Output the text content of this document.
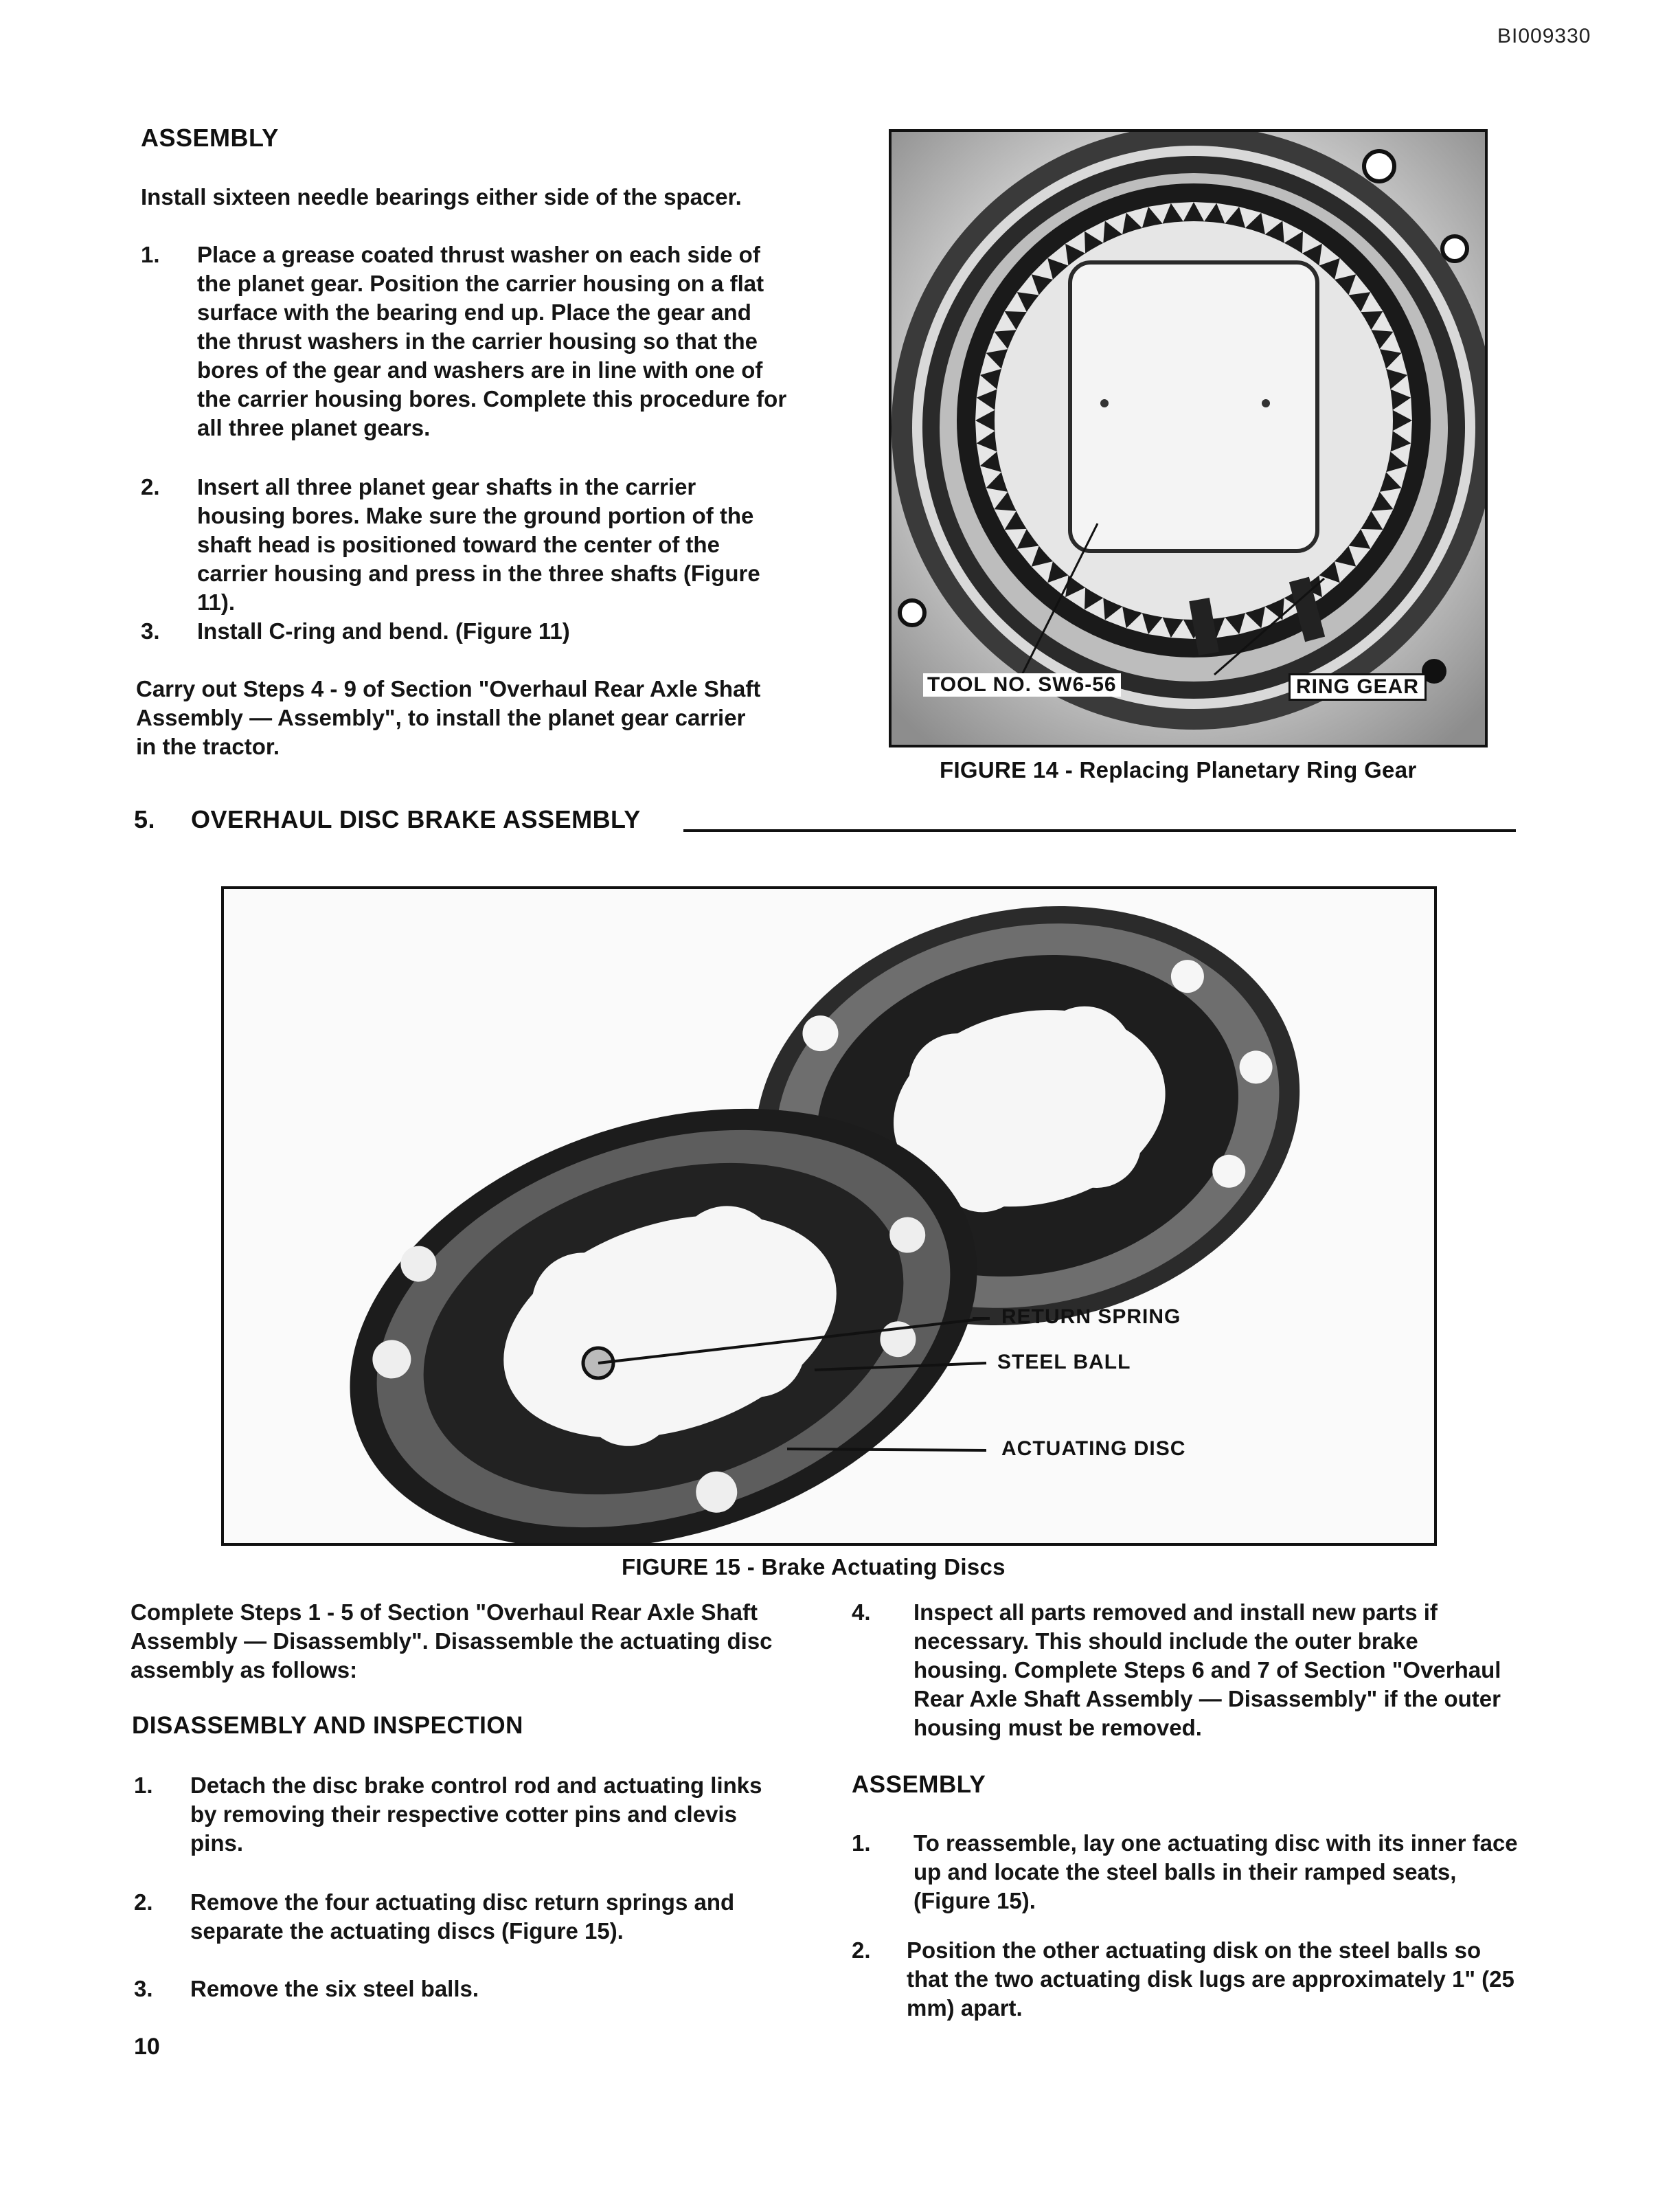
BI009330
ASSEMBLY
Install sixteen needle bearings either side of the spacer.
1. Place a grease coated thrust washer on each side of the planet gear. Position the carrier housing on a flat surface with the bearing end up. Place the gear and the thrust washers in the carrier housing so that the bores of the gear and washers are in line with one of the carrier housing bores. Complete this procedure for all three planet gears.
2. Insert all three planet gear shafts in the carrier housing bores. Make sure the ground portion of the shaft head is positioned toward the center of the carrier housing and press in the three shafts (Figure 11).
3. Install C-ring and bend. (Figure 11)
Carry out Steps 4 - 9 of Section "Overhaul Rear Axle Shaft Assembly — Assembly", to install the planet gear carrier in the tractor.
TOOL NO. SW6-56	RING GEAR
FIGURE 14 - Replacing Planetary Ring Gear
5. OVERHAUL DISC BRAKE ASSEMBLY
RETURN SPRING
STEEL BALL
ACTUATING DISC
FIGURE 15 - Brake Actuating Discs
Complete Steps 1 - 5 of Section "Overhaul Rear Axle Shaft Assembly — Disassembly". Disassemble the actuating disc assembly as follows:
DISASSEMBLY AND INSPECTION
1. Detach the disc brake control rod and actuating links by removing their respective cotter pins and clevis pins.
2. Remove the four actuating disc return springs and separate the actuating discs (Figure 15).
3. Remove the six steel balls.
4. Inspect all parts removed and install new parts if necessary. This should include the outer brake housing. Complete Steps 6 and 7 of Section "Overhaul Rear Axle Shaft Assembly — Disassembly" if the outer housing must be removed.
ASSEMBLY
1. To reassemble, lay one actuating disc with its inner face up and locate the steel balls in their ramped seats, (Figure 15).
2. Position the other actuating disk on the steel balls so that the two actuating disk lugs are approximately 1" (25 mm) apart.
10
